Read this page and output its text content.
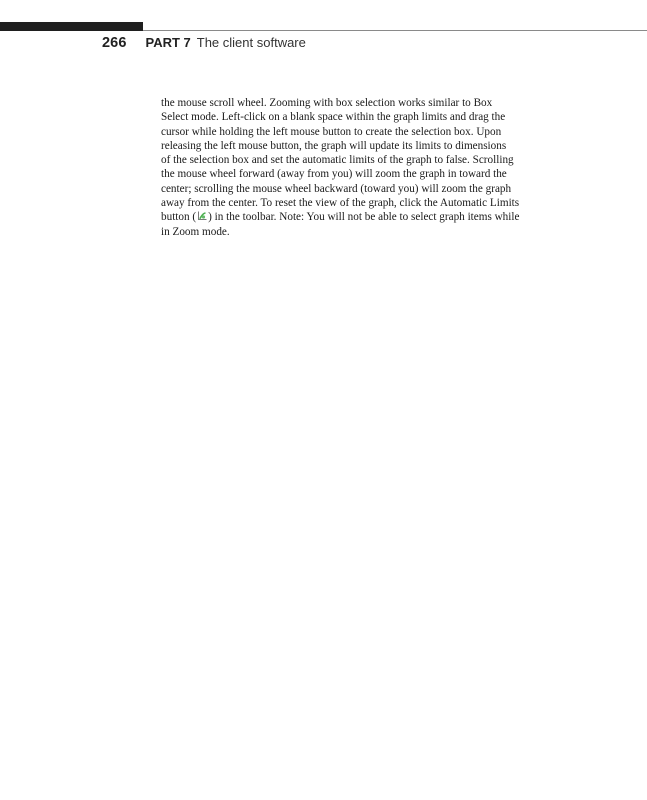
266 PART 7 The client software
the mouse scroll wheel. Zooming with box selection works similar to Box
Select mode. Left-click on a blank space within the graph limits and drag the
cursor while holding the left mouse button to create the selection box. Upon
releasing the left mouse button, the graph will update its limits to dimensions
of the selection box and set the automatic limits of the graph to false. Scrolling
the mouse wheel forward (away from you) will zoom the graph in toward the
center; scrolling the mouse wheel backward (toward you) will zoom the graph
away from the center. To reset the view of the graph, click the Automatic Limits
button ( ) in the toolbar. Note: You will not be able to select graph items while
in Zoom mode.
